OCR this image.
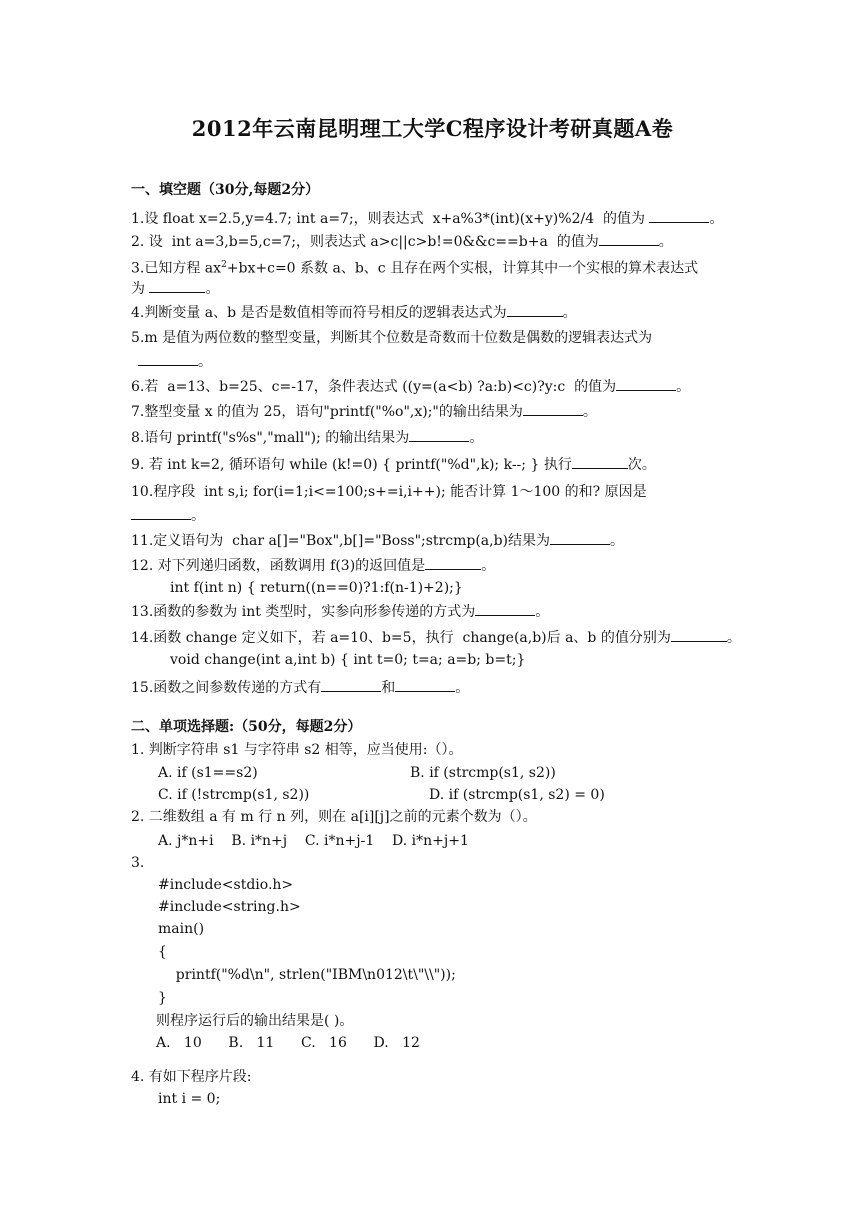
2012年云南昆明理工大学C程序设计考研真题A卷
一、填空题（30分,每题2分）
1.设 float x=2.5,y=4.7; int a=7;，则表达式  x+a%3*(int)(x+y)%2/4  的值为	。
2. 设  int a=3,b=5,c=7;，则表达式 a>c||c>b!=0&&c==b+a  的值为	。
3.已知方程 $ax^2+bx+c=0$ 系数 a、b、c 且存在两个实根，计算其中一个实根的算术表达式
为	。
4.判断变量 a、b 是否是数值相等而符号相反的逻辑表达式为	。
5.m 是值为两位数的整型变量，判断其个位数是奇数而十位数是偶数的逻辑表达式为
。
6.若  a=13、b=25、c=-17，条件表达式 ((y=(a<b) ?a:b)<c)?y:c  的值为	。
7.整型变量 x 的值为 25，语句"printf("%o",x);"的输出结果为	。
8.语句 printf("s%s","mall"); 的输出结果为	。
9. 若 int k=2, 循环语句 while (k!=0) { printf("%d",k); k--; } 执行	次。
10.程序段  int s,i; for(i=1;i<=100;s+=i,i++); 能否计算 1～100 的和? 原因是
。
11.定义语句为  char a[]="Box",b[]="Boss";strcmp(a,b)结果为	。
12. 对下列递归函数，函数调用 f(3)的返回值是	。
int f(int n) { return((n==0)?1:f(n-1)+2);}
13.函数的参数为 int 类型时，实参向形参传递的方式为	。
14.函数 change 定义如下，若 a=10、b=5，执行  change(a,b)后 a、b 的值分别为	。
void change(int a,int b) { int t=0; t=a; a=b; b=t;}
15.函数之间参数传递的方式有	和	。
二、单项选择题:（50分，每题2分）
1. 判断字符串 s1 与字符串 s2 相等，应当使用:（）。
A. if (s1==s2)	B. if (strcmp(s1, s2))
C. if (!strcmp(s1, s2))	D. if (strcmp(s1, s2) = 0)
2. 二维数组 a 有 m 行 n 列，则在 a[i][j]之前的元素个数为（）。
A. j*n+i    B. i*n+j    C. i*n+j-1    D. i*n+j+1
3.
#include<stdio.h>
#include<string.h>
main()
{
printf("%d\n", strlen("IBM\n012\t\"\\"));
}
则程序运行后的输出结果是( )。
A.   10      B.   11      C.   16      D.   12
4. 有如下程序片段:
int i = 0;
